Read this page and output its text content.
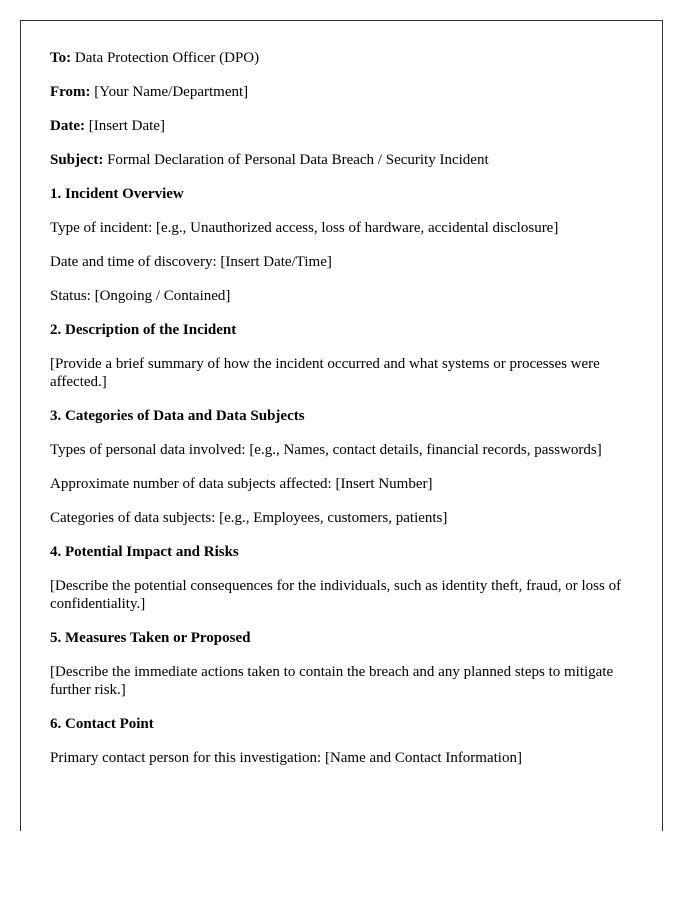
To: Data Protection Officer (DPO)

From: [Your Name/Department]

Date: [Insert Date]

Subject: Formal Declaration of Personal Data Breach / Security Incident

1. Incident Overview

Type of incident: [e.g., Unauthorized access, loss of hardware, accidental disclosure]

Date and time of discovery: [Insert Date/Time]

Status: [Ongoing / Contained]

2. Description of the Incident

[Provide a brief summary of how the incident occurred and what systems or processes were affected.]

3. Categories of Data and Data Subjects

Types of personal data involved: [e.g., Names, contact details, financial records, passwords]

Approximate number of data subjects affected: [Insert Number]

Categories of data subjects: [e.g., Employees, customers, patients]

4. Potential Impact and Risks

[Describe the potential consequences for the individuals, such as identity theft, fraud, or loss of confidentiality.]

5. Measures Taken or Proposed

[Describe the immediate actions taken to contain the breach and any planned steps to mitigate further risk.]

6. Contact Point

Primary contact person for this investigation: [Name and Contact Information]
